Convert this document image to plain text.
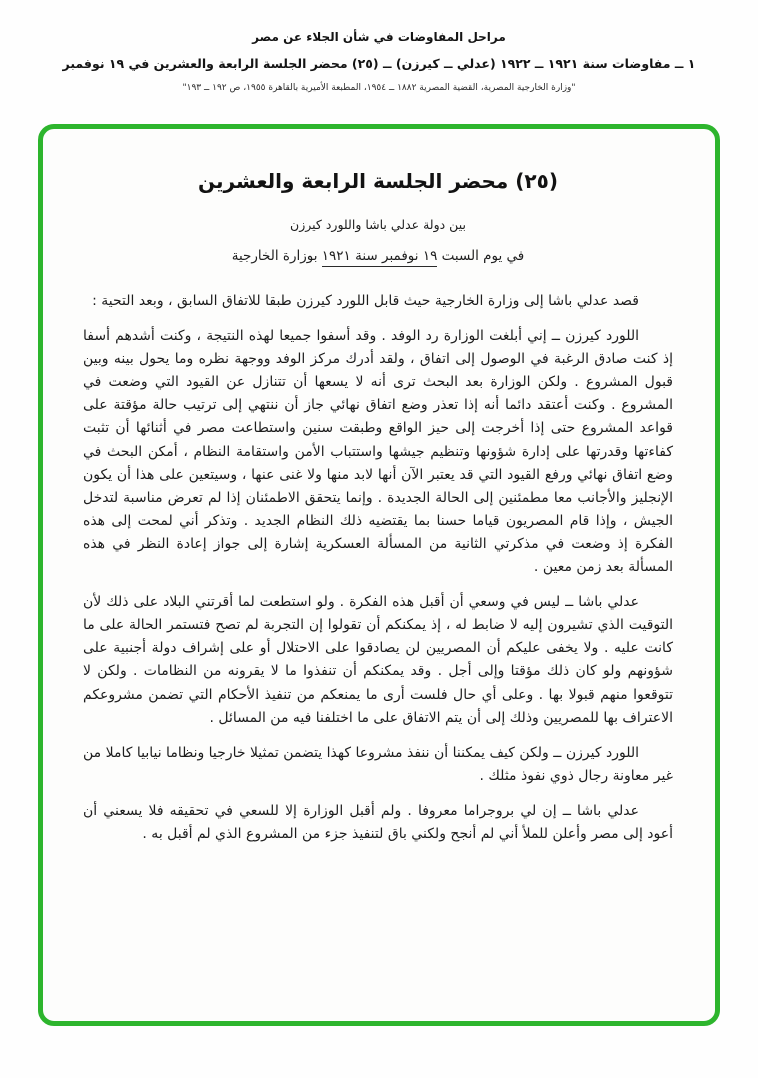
مراحل المفاوضات في شأن الجلاء عن مصر
١ ــ مفاوضات سنة ١٩٢١ ــ ١٩٢٢ (عدلي ــ كيرزن) ــ (٢٥) محضر الجلسة الرابعة والعشرين في ١٩ نوفمبر
"وزارة الخارجية المصرية، القضية المصرية ١٨٨٢ ــ ١٩٥٤، المطبعة الأميرية بالقاهرة ١٩٥٥، ص ١٩٢ ــ ١٩٣"
(٢٥) محضر الجلسة الرابعة والعشرين
بين دولة عدلي باشا واللورد كيرزن
في يوم السبت ١٩ نوفمبر سنة ١٩٢١ بوزارة الخارجية

قصد عدلي باشا إلى وزارة الخارجية حيث قابل اللورد كيرزن طبقا للاتفاق السابق ، وبعد التحية :

اللورد كيرزن ــ إني أبلغت الوزارة رد الوفد . وقد أسفوا جميعا لهذه النتيجة ، وكنت أشدهم أسفا إذ كنت صادق الرغبة في الوصول إلى اتفاق ، ولقد أدرك مركز الوفد ووجهة نظره وما يحول بينه وبين قبول المشروع . ولكن الوزارة بعد البحث ترى أنه لا يسعها أن تتنازل عن القيود التي وضعت في المشروع . وكنت أعتقد دائما أنه إذا تعذر وضع اتفاق نهائي جاز أن ننتهي إلى ترتيب حالة مؤقتة على قواعد المشروع حتى إذا أخرجت إلى حيز الواقع وطبقت سنين واستطاعت مصر في أثنائها أن تثبت كفاءتها وقدرتها على إدارة شؤونها وتنظيم جيشها واستتباب الأمن واستقامة النظام ، أمكن البحث في وضع اتفاق نهائي ورفع القيود التي قد يعتبر الآن أنها لابد منها ولا غنى عنها ، وسيتعين على هذا أن يكون الإنجليز والأجانب معا مطمئنين إلى الحالة الجديدة . وإنما يتحقق الاطمئنان إذا لم تعرض مناسبة لتدخل الجيش ، وإذا قام المصريون قياما حسنا بما يقتضيه ذلك النظام الجديد . وتذكر أني لمحت إلى هذه الفكرة إذ وضعت في مذكرتي الثانية من المسألة العسكرية إشارة إلى جواز إعادة النظر في هذه المسألة بعد زمن معين .

عدلي باشا ــ ليس في وسعي أن أقبل هذه الفكرة . ولو استطعت لما أقرتني البلاد على ذلك لأن التوقيت الذي تشيرون إليه لا ضابط له ، إذ يمكنكم أن تقولوا إن التجربة لم تصح فتستمر الحالة على ما كانت عليه . ولا يخفى عليكم أن المصريين لن يصادقوا على الاحتلال أو على إشراف دولة أجنبية على شؤونهم ولو كان ذلك مؤقتا وإلى أجل . وقد يمكنكم أن تنفذوا ما لا يقرونه من النظامات . ولكن لا تتوقعوا منهم قبولا بها . وعلى أي حال فلست أرى ما يمنعكم من تنفيذ الأحكام التي تضمن مشروعكم الاعتراف بها للمصريين وذلك إلى أن يتم الاتفاق على ما اختلفنا فيه من المسائل .

اللورد كيرزن ــ ولكن كيف يمكننا أن ننفذ مشروعا كهذا يتضمن تمثيلا خارجيا ونظاما نيابيا كاملا من غير معاونة رجال ذوي نفوذ مثلك .

عدلي باشا ــ إن لي بروجراما معروفا . ولم أقبل الوزارة إلا للسعي في تحقيقه فلا يسعني أن أعود إلى مصر وأعلن للملأ أني لم أنجح ولكني باق لتنفيذ جزء من المشروع الذي لم أقبل به .
